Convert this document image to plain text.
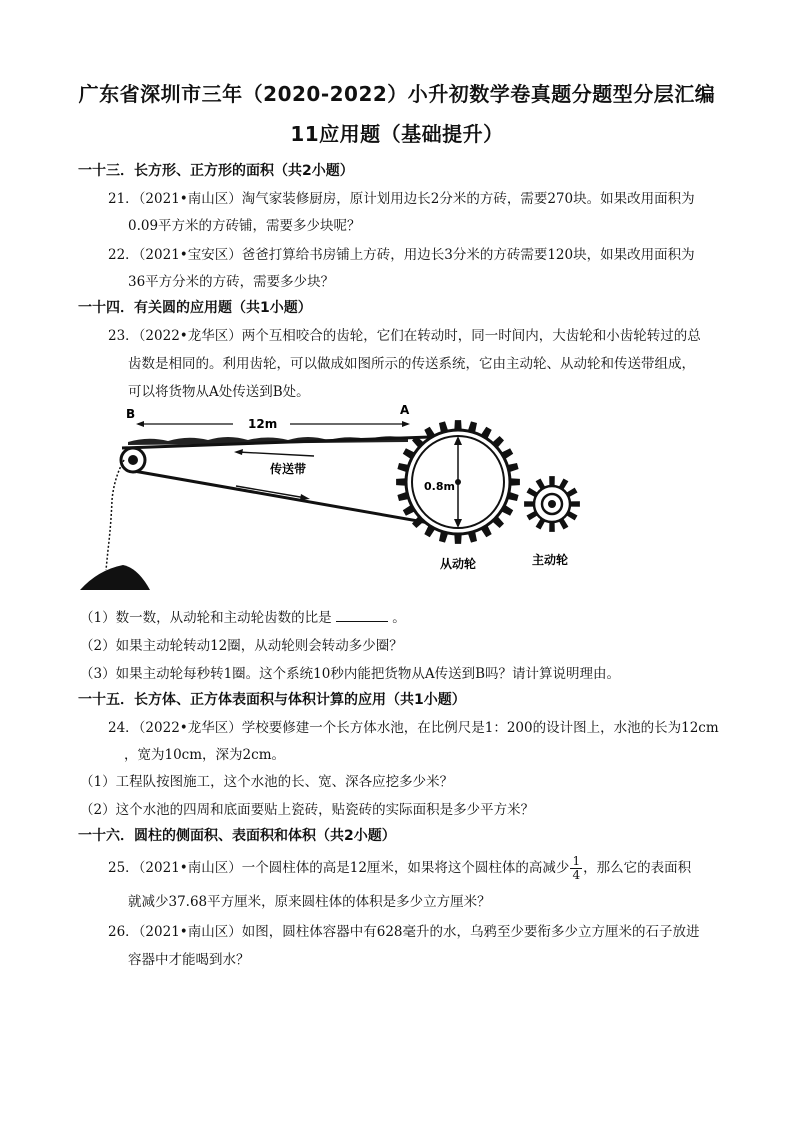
广东省深圳市三年（2020-2022）小升初数学卷真题分题型分层汇编
11应用题（基础提升）
一十三．长方形、正方形的面积（共2小题）
21．（2021•南山区）淘气家装修厨房，原计划用边长2分米的方砖，需要270块。如果改用面积为
0.09平方米的方砖铺，需要多少块呢？
22．（2021•宝安区）爸爸打算给书房铺上方砖，用边长3分米的方砖需要120块，如果改用面积为
36平方分米的方砖，需要多少块？
一十四．有关圆的应用题（共1小题）
23．（2022•龙华区）两个互相咬合的齿轮，它们在转动时，同一时间内，大齿轮和小齿轮转过的总
齿数是相同的。利用齿轮，可以做成如图所示的传送系统，它由主动轮、从动轮和传送带组成，
可以将货物从A处传送到B处。
B	A
12m
传送带
0.8m
从动轮	主动轮
（1）数一数，从动轮和主动轮齿数的比是	。
（2）如果主动轮转动12圈，从动轮则会转动多少圈？
（3）如果主动轮每秒转1圈。这个系统10秒内能把货物从A传送到B吗？请计算说明理由。
一十五．长方体、正方体表面积与体积计算的应用（共1小题）
24．（2022•龙华区）学校要修建一个长方体水池，在比例尺是1：200的设计图上，水池的长为12cm
，宽为10cm，深为2cm。
（1）工程队按图施工，这个水池的长、宽、深各应挖多少米？
（2）这个水池的四周和底面要贴上瓷砖，贴瓷砖的实际面积是多少平方米？
一十六．圆柱的侧面积、表面积和体积（共2小题）
25．（2021•南山区）一个圆柱体的高是12厘米，如果将这个圆柱体的高减少 $\frac{1}{4}$ ，那么它的表面积
就减少37.68平方厘米，原来圆柱体的体积是多少立方厘米？
26．（2021•南山区）如图，圆柱体容器中有628毫升的水，乌鸦至少要衔多少立方厘米的石子放进
容器中才能喝到水？
